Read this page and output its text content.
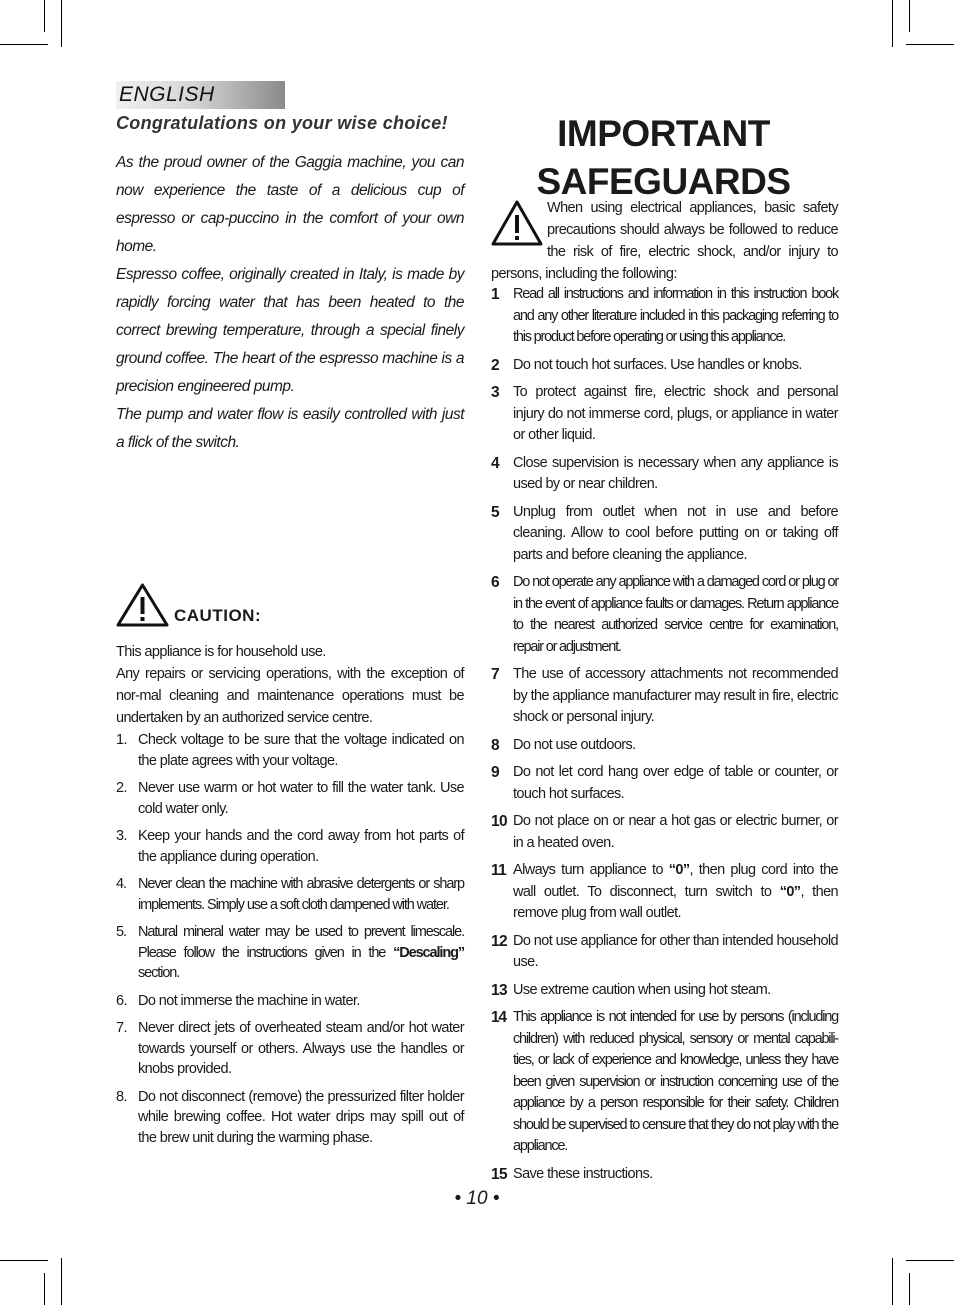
ENGLISH
Congratulations on your wise choice!

As the proud owner of the Gaggia machine, you can now experience the taste of a delicious cup of espresso or cap-puccino in the comfort of your own home.

Espresso coffee, originally created in Italy, is made by rapidly forcing water that has been heated to the correct brewing temperature, through a special finely ground coffee. The heart of the espresso machine is a precision engineered pump.

The pump and water flow is easily controlled with just a flick of the switch.

CAUTION:

This appliance is for household use.

Any repairs or servicing operations, with the exception of nor-mal cleaning and maintenance operations must be undertaken by an authorized service centre.

1. Check voltage to be sure that the voltage indicated on the plate agrees with your voltage.
2. Never use warm or hot water to fill the water tank. Use cold water only.
3. Keep your hands and the cord away from hot parts of the appliance during operation.
4. Never clean the machine with abrasive detergents or sharp implements. Simply use a soft cloth dampened with water.
5. Natural mineral water may be used to prevent limescale. Please follow the instructions given in the “Descaling” section.
6. Do not immerse the machine in water.
7. Never direct jets of overheated steam and/or hot water towards yourself or others. Always use the handles or knobs provided.
8. Do not disconnect (remove) the pressurized filter holder while brewing coffee. Hot water drips may spill out of the brew unit during the warming phase.
IMPORTANT
SAFEGUARDS
When using electrical appliances, basic safety precautions should always be followed to reduce the risk of fire, electric shock, and/or injury to persons, including the following:
1 Read all instructions and information in this instruction book and any other literature included in this packaging referring to this product before operating or using this appliance.
2 Do not touch hot surfaces. Use handles or knobs.
3 To protect against fire, electric shock and personal injury do not immerse cord, plugs, or appliance in water or other liquid.
4 Close supervision is necessary when any appliance is used by or near children.
5 Unplug from outlet when not in use and before cleaning. Allow to cool before putting on or taking off parts and before cleaning the appliance.
6 Do not operate any appliance with a damaged cord or plug or in the event of appliance faults or damages. Return appliance to the nearest authorized service centre for examination, repair or adjustment.
7 The use of accessory attachments not recommended by the appliance manufacturer may result in fire, electric shock or personal injury.
8 Do not use outdoors.
9 Do not let cord hang over edge of table or counter, or touch hot surfaces.
10 Do not place on or near a hot gas or electric burner, or in a heated oven.
11 Always turn appliance to “0”, then plug cord into the wall outlet. To disconnect, turn switch to “0”, then remove plug from wall outlet.
12 Do not use appliance for other than intended household use.
13 Use extreme caution when using hot steam.
14 This appliance is not intended for use by persons (including children) with reduced physical, sensory or mental capabili-ties, or lack of experience and knowledge, unless they have been given supervision or instruction concerning use of the appliance by a person responsible for their safety. Children should be supervised to censure that they do not play with the appliance.
15 Save these instructions.
• 10 •
